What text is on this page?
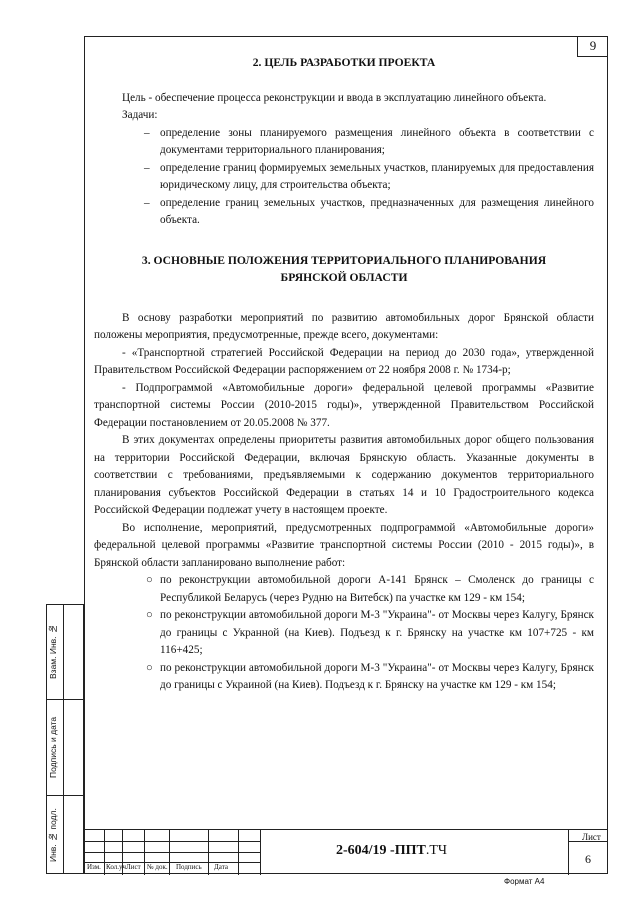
9
2. ЦЕЛЬ РАЗРАБОТКИ ПРОЕКТА

Цель - обеспечение процесса реконструкции и ввода в эксплуатацию линейного объекта.

Задачи:

– определение зоны планируемого размещения линейного объекта в соответствии с документами территориального планирования;
– определение границ формируемых земельных участков, планируемых для предоставления юридическому лицу, для строительства объекта;
– определение границ земельных участков, предназначенных для размещения линейного объекта.
3. ОСНОВНЫЕ ПОЛОЖЕНИЯ ТЕРРИТОРИАЛЬНОГО ПЛАНИРОВАНИЯ
БРЯНСКОЙ ОБЛАСТИ

В основу разработки мероприятий по развитию автомобильных дорог Брянской области положены мероприятия, предусмотренные, прежде всего, документами:

- «Транспортной стратегией Российской Федерации на период до 2030 года», утвержденной Правительством Российской Федерации распоряжением от 22 ноября 2008 г. № 1734-р;

- Подпрограммой «Автомобильные дороги» федеральной целевой программы «Развитие транспортной системы России (2010-2015 годы)», утвержденной Правительством Российской Федерации постановлением от 20.05.2008 № 377.

В этих документах определены приоритеты развития автомобильных дорог общего пользования на территории Российской Федерации, включая Брянскую область. Указанные документы в соответствии с требованиями, предъявляемыми к содержанию документов территориального планирования субъектов Российской Федерации в статьях 14 и 10 Градостроительного кодекса Российской Федерации подлежат учету в настоящем проекте.

Во исполнение, мероприятий, предусмотренных подпрограммой «Автомобильные дороги» федеральной целевой программы «Развитие транспортной системы России (2010 - 2015 годы)», в Брянской области запланировано выполнение работ:

○ по реконструкции автомобильной дороги А-141 Брянск – Смоленск до границы с Республикой Беларусь (через Рудню на Витебск) па участке км 129 - км 154;
○ по реконструкции автомобильной дороги М-3 "Украина"- от Москвы через Калугу, Брянск до границы с Укранной (на Киев). Подъезд к г. Брянску на участке км 107+725 - км 116+425;
○ по реконструкции автомобильной дороги М-3 "Украина"- от Москвы через Калугу, Брянск до границы с Украиной (на Киев). Подъезд к г. Брянску на участке км 129 - км 154;
Взам. Инв. №
Подпись и дата
Инв. № подл.
Изм. Кол.уч Лист № док. Подпись Дата
2-604/19 -ППТ.ТЧ
Лист
6
Формат А4
